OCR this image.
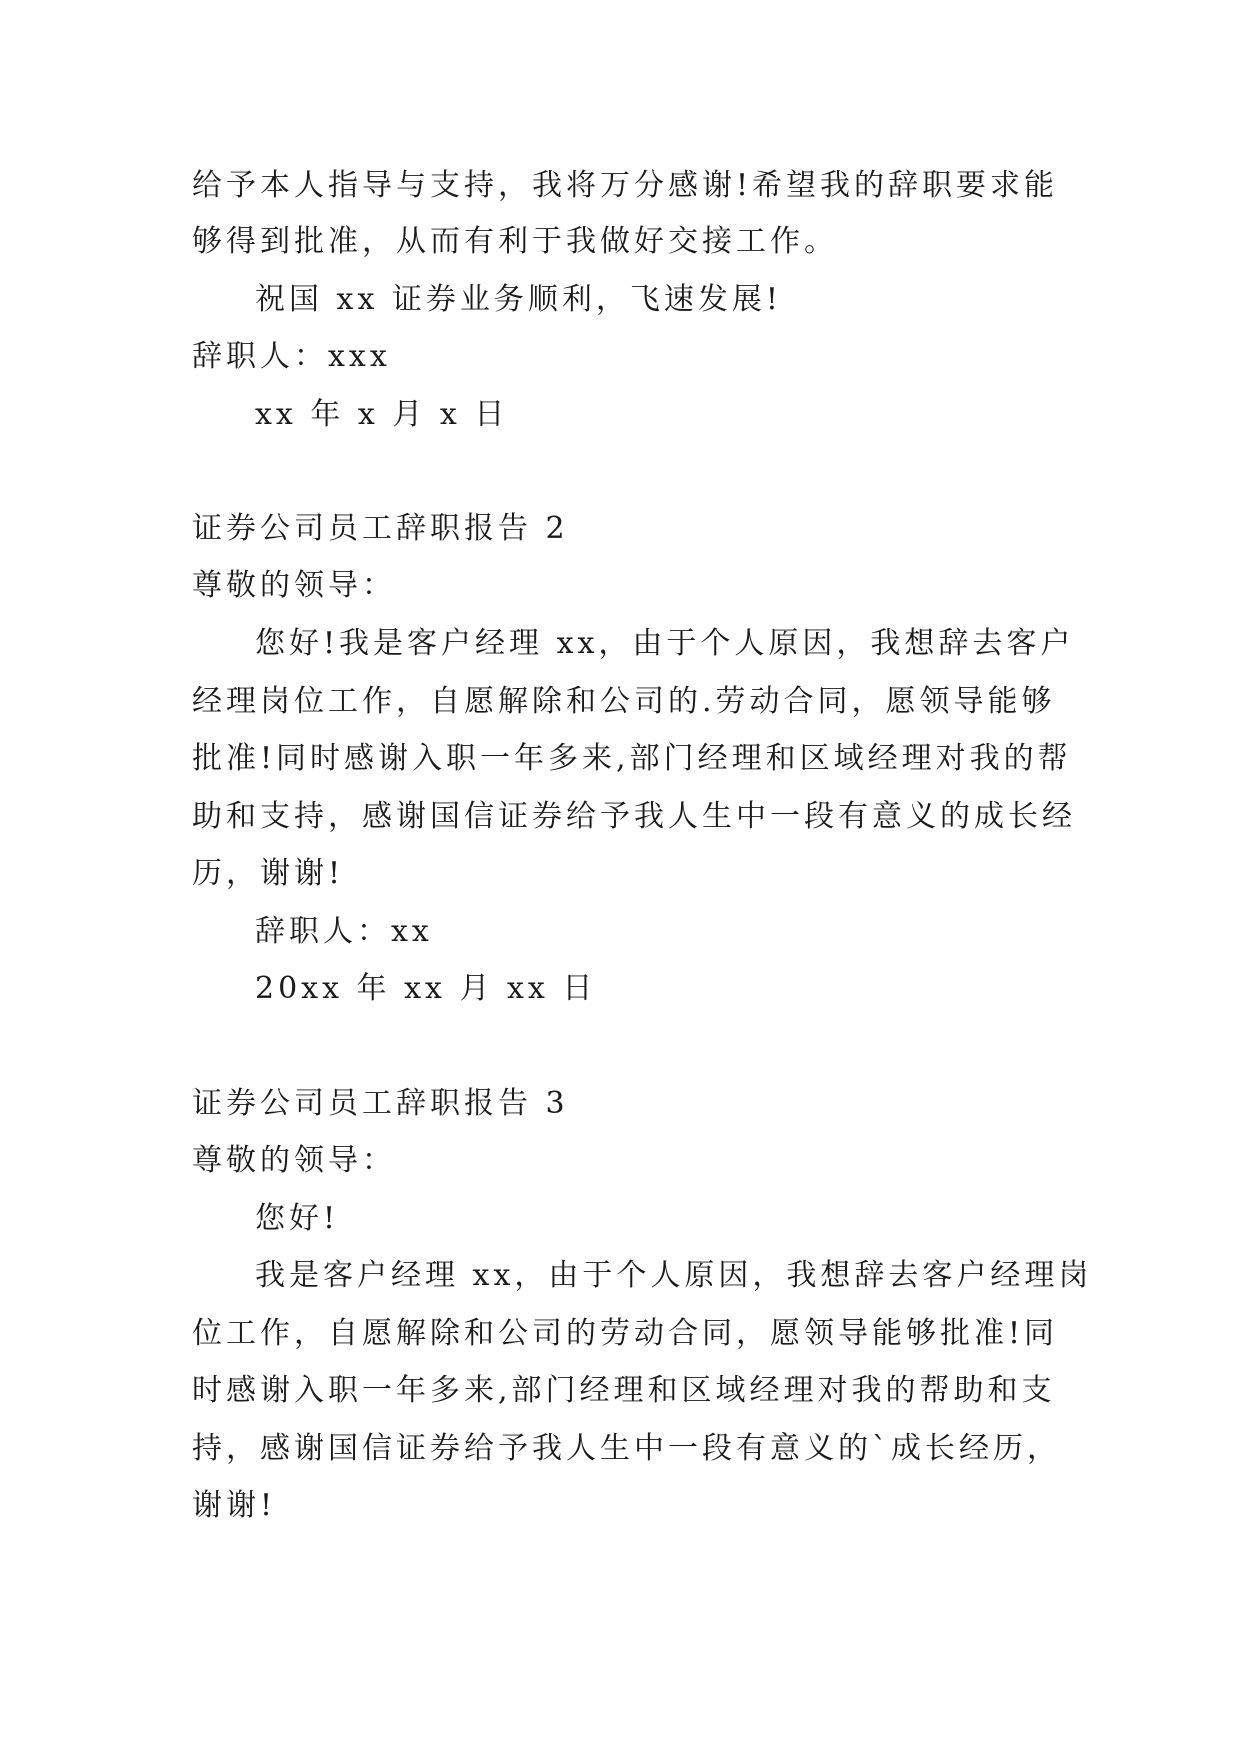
给予本人指导与支持，我将万分感谢!希望我的辞职要求能
够得到批准，从而有利于我做好交接工作。
祝国 xx 证券业务顺利，飞速发展!
辞职人：xxx
xx 年 x 月 x 日
证券公司员工辞职报告 2
尊敬的领导：
您好!我是客户经理 xx，由于个人原因，我想辞去客户
经理岗位工作，自愿解除和公司的.劳动合同，愿领导能够
批准!同时感谢入职一年多来,部门经理和区域经理对我的帮
助和支持，感谢国信证券给予我人生中一段有意义的成长经
历，谢谢!
辞职人：xx
20xx 年 xx 月 xx 日
证券公司员工辞职报告 3
尊敬的领导：
您好!
我是客户经理 xx，由于个人原因，我想辞去客户经理岗
位工作，自愿解除和公司的劳动合同，愿领导能够批准!同
时感谢入职一年多来,部门经理和区域经理对我的帮助和支
持，感谢国信证券给予我人生中一段有意义的`成长经历，
谢谢!
